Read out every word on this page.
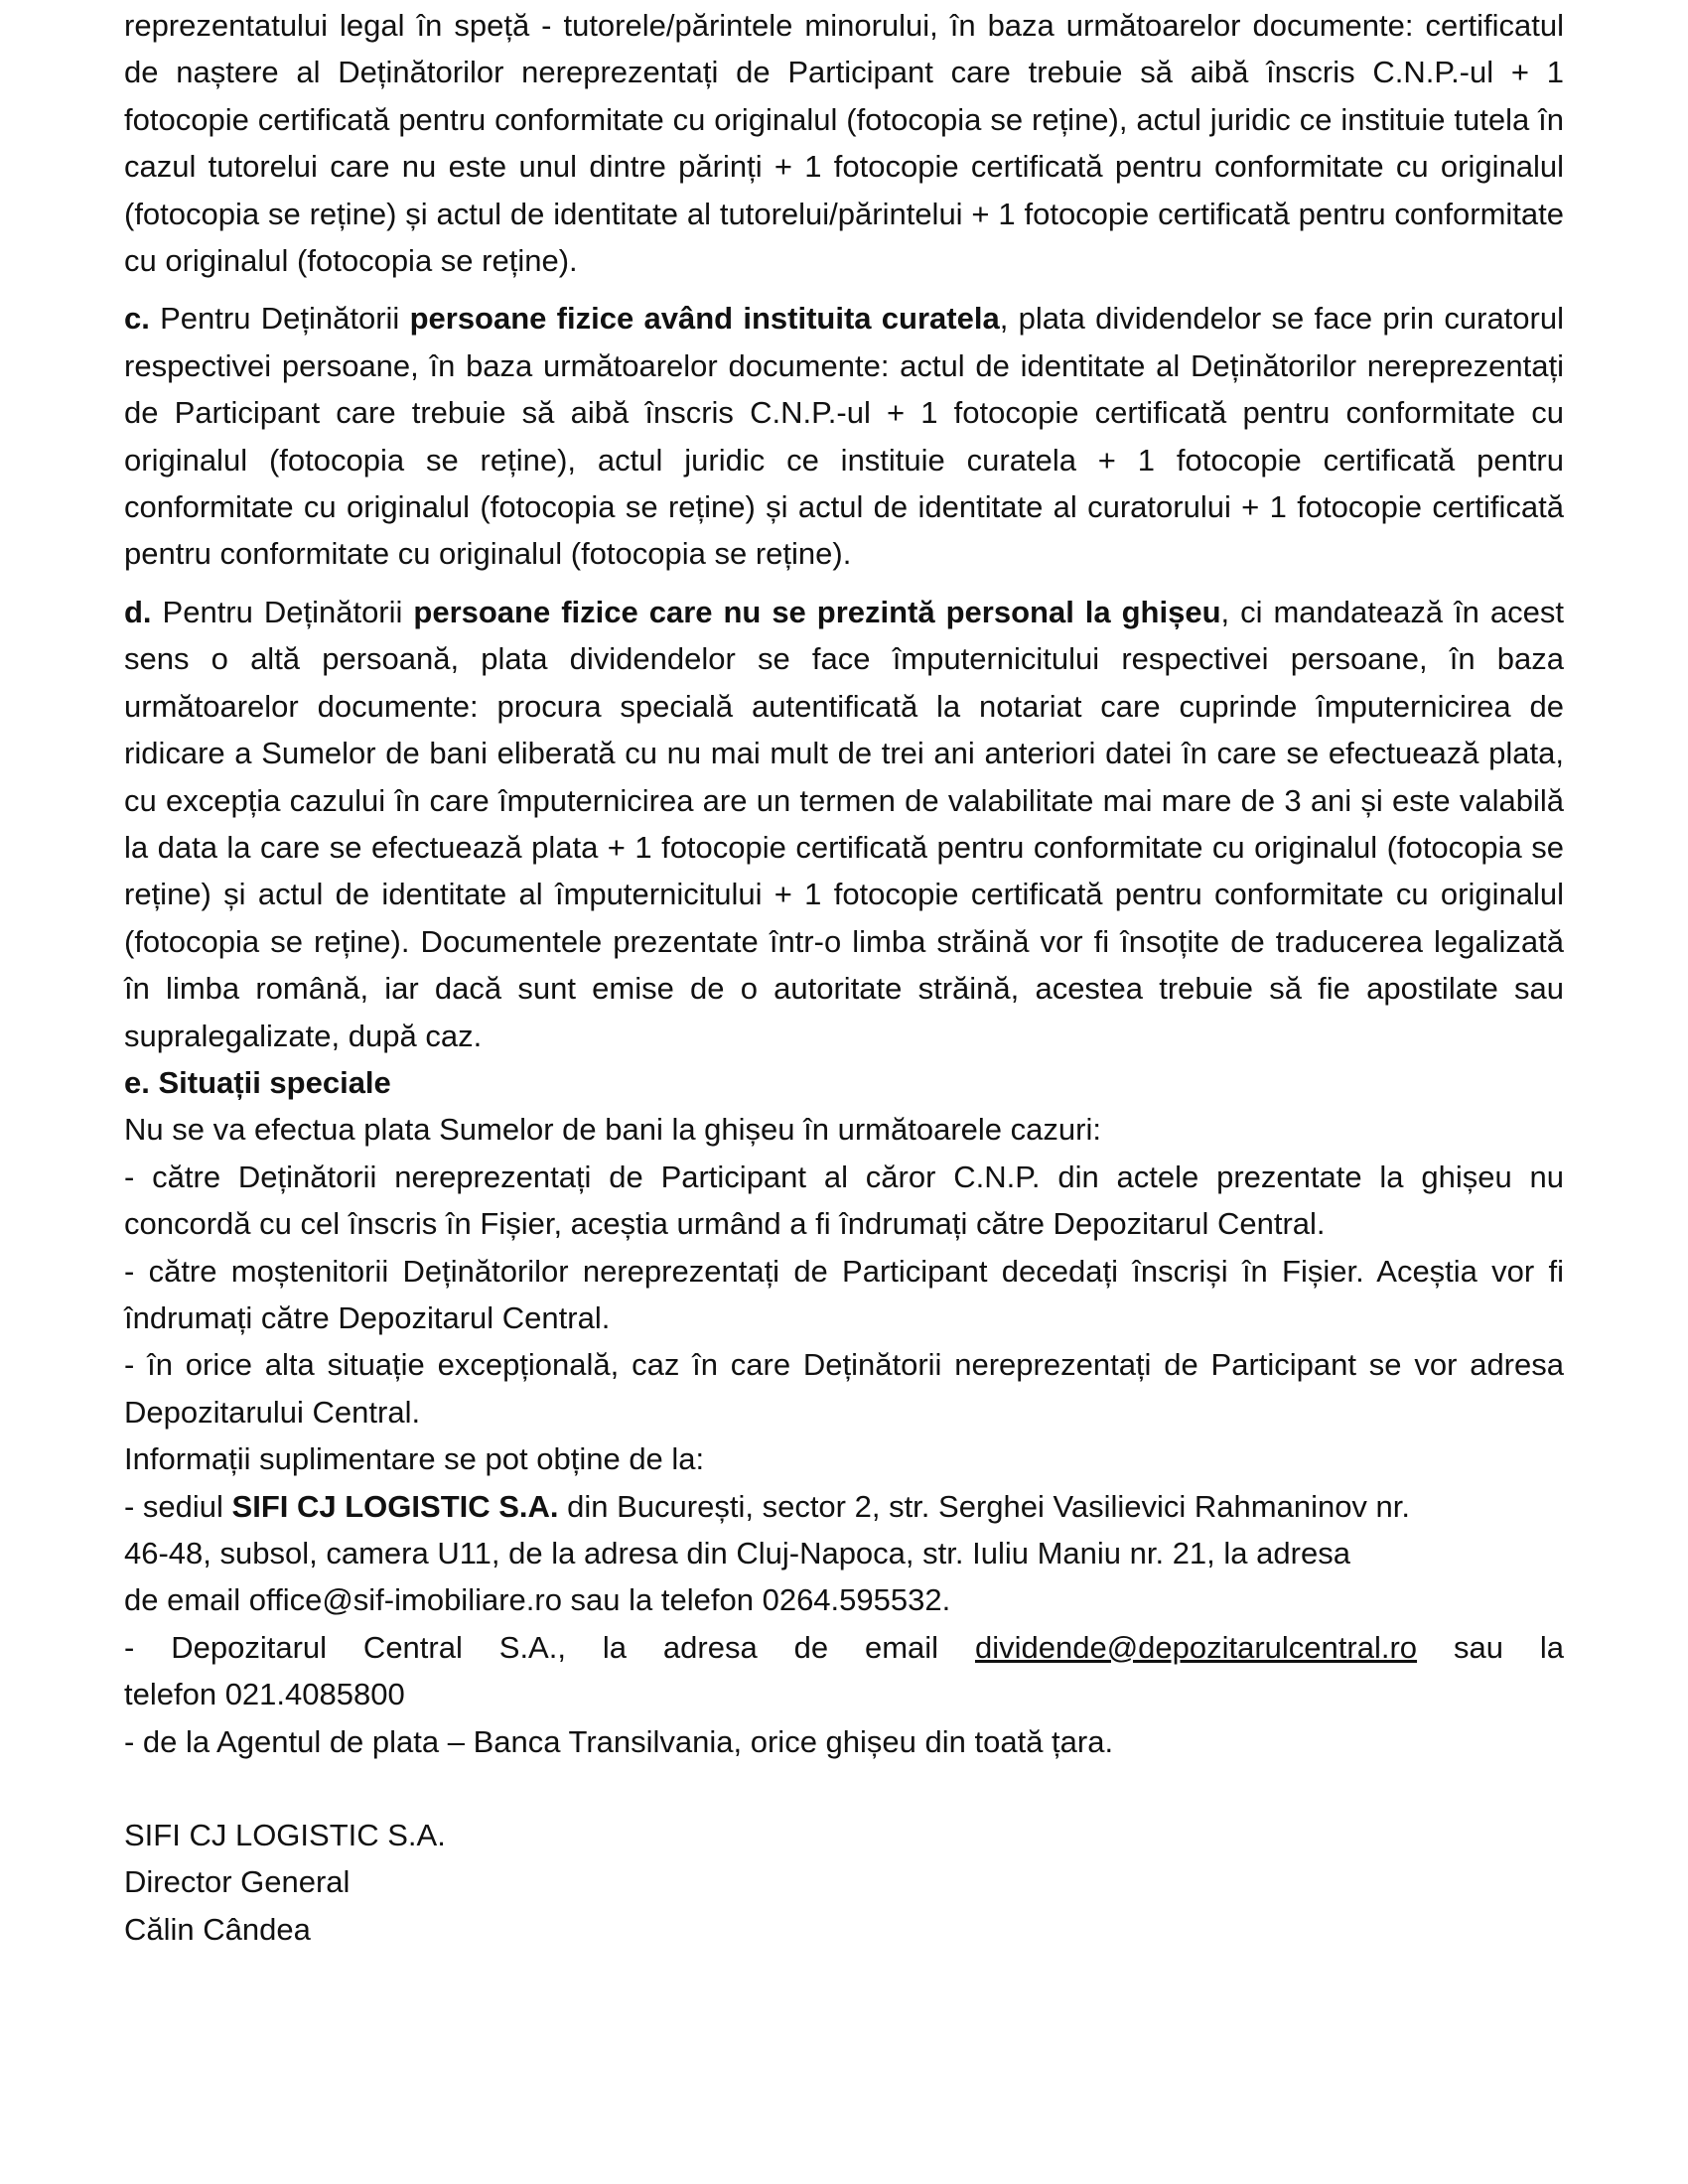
reprezentatului legal în speță - tutorele/părintele minorului, în baza următoarelor documente: certificatul de naștere al Deținătorilor nereprezentați de Participant care trebuie să aibă înscris C.N.P.-ul + 1 fotocopie certificată pentru conformitate cu originalul (fotocopia se reține), actul juridic ce instituie tutela în cazul tutorelui care nu este unul dintre părinți + 1 fotocopie certificată pentru conformitate cu originalul (fotocopia se reține) și actul de identitate al tutorelui/părintelui + 1 fotocopie certificată pentru conformitate cu originalul (fotocopia se reține).

c. Pentru Deținătorii persoane fizice având instituita curatela, plata dividendelor se face prin curatorul respectivei persoane, în baza următoarelor documente: actul de identitate al Deținătorilor nereprezentați de Participant care trebuie să aibă înscris C.N.P.-ul + 1 fotocopie certificată pentru conformitate cu originalul (fotocopia se reține), actul juridic ce instituie curatela + 1 fotocopie certificată pentru conformitate cu originalul (fotocopia se reține) și actul de identitate al curatorului + 1 fotocopie certificată pentru conformitate cu originalul (fotocopia se reține).

d. Pentru Deținătorii persoane fizice care nu se prezintă personal la ghișeu, ci mandatează în acest sens o altă persoană, plata dividendelor se face împuternicitului respectivei persoane, în baza următoarelor documente: procura specială autentificată la notariat care cuprinde împuternicirea de ridicare a Sumelor de bani eliberată cu nu mai mult de trei ani anteriori datei în care se efectuează plata, cu excepția cazului în care împuternicirea are un termen de valabilitate mai mare de 3 ani și este valabilă la data la care se efectuează plata + 1 fotocopie certificată pentru conformitate cu originalul (fotocopia se reține) și actul de identitate al împuternicitului + 1 fotocopie certificată pentru conformitate cu originalul (fotocopia se reține). Documentele prezentate într-o limba străină vor fi însoțite de traducerea legalizată în limba română, iar dacă sunt emise de o autoritate străină, acestea trebuie să fie apostilate sau supralegalizate, după caz.

e. Situații speciale
Nu se va efectua plata Sumelor de bani la ghișeu în următoarele cazuri:

- către Deținătorii nereprezentați de Participant al căror C.N.P. din actele prezentate la ghișeu nu concordă cu cel înscris în Fișier, aceștia urmând a fi îndrumați către Depozitarul Central.

- către moștenitorii Deținătorilor nereprezentați de Participant decedați înscriși în Fișier. Aceștia vor fi îndrumați către Depozitarul Central.

- în orice alta situație excepțională, caz în care Deținătorii nereprezentați de Participant se vor adresa Depozitarului Central.

Informații suplimentare se pot obține de la:
- sediul SIFI CJ LOGISTIC S.A. din București, sector 2, str. Serghei Vasilievici Rahmaninov nr.
46-48, subsol, camera U11, de la adresa din Cluj-Napoca, str. Iuliu Maniu nr. 21, la adresa
de email office@sif-imobiliare.ro sau la telefon 0264.595532.
- Depozitarul Central S.A., la adresa de email dividende@depozitarulcentral.ro sau la
telefon 021.4085800
- de la Agentul de plata – Banca Transilvania, orice ghișeu din toată țara.
SIFI CJ LOGISTIC S.A.
Director General
Călin Cândea
